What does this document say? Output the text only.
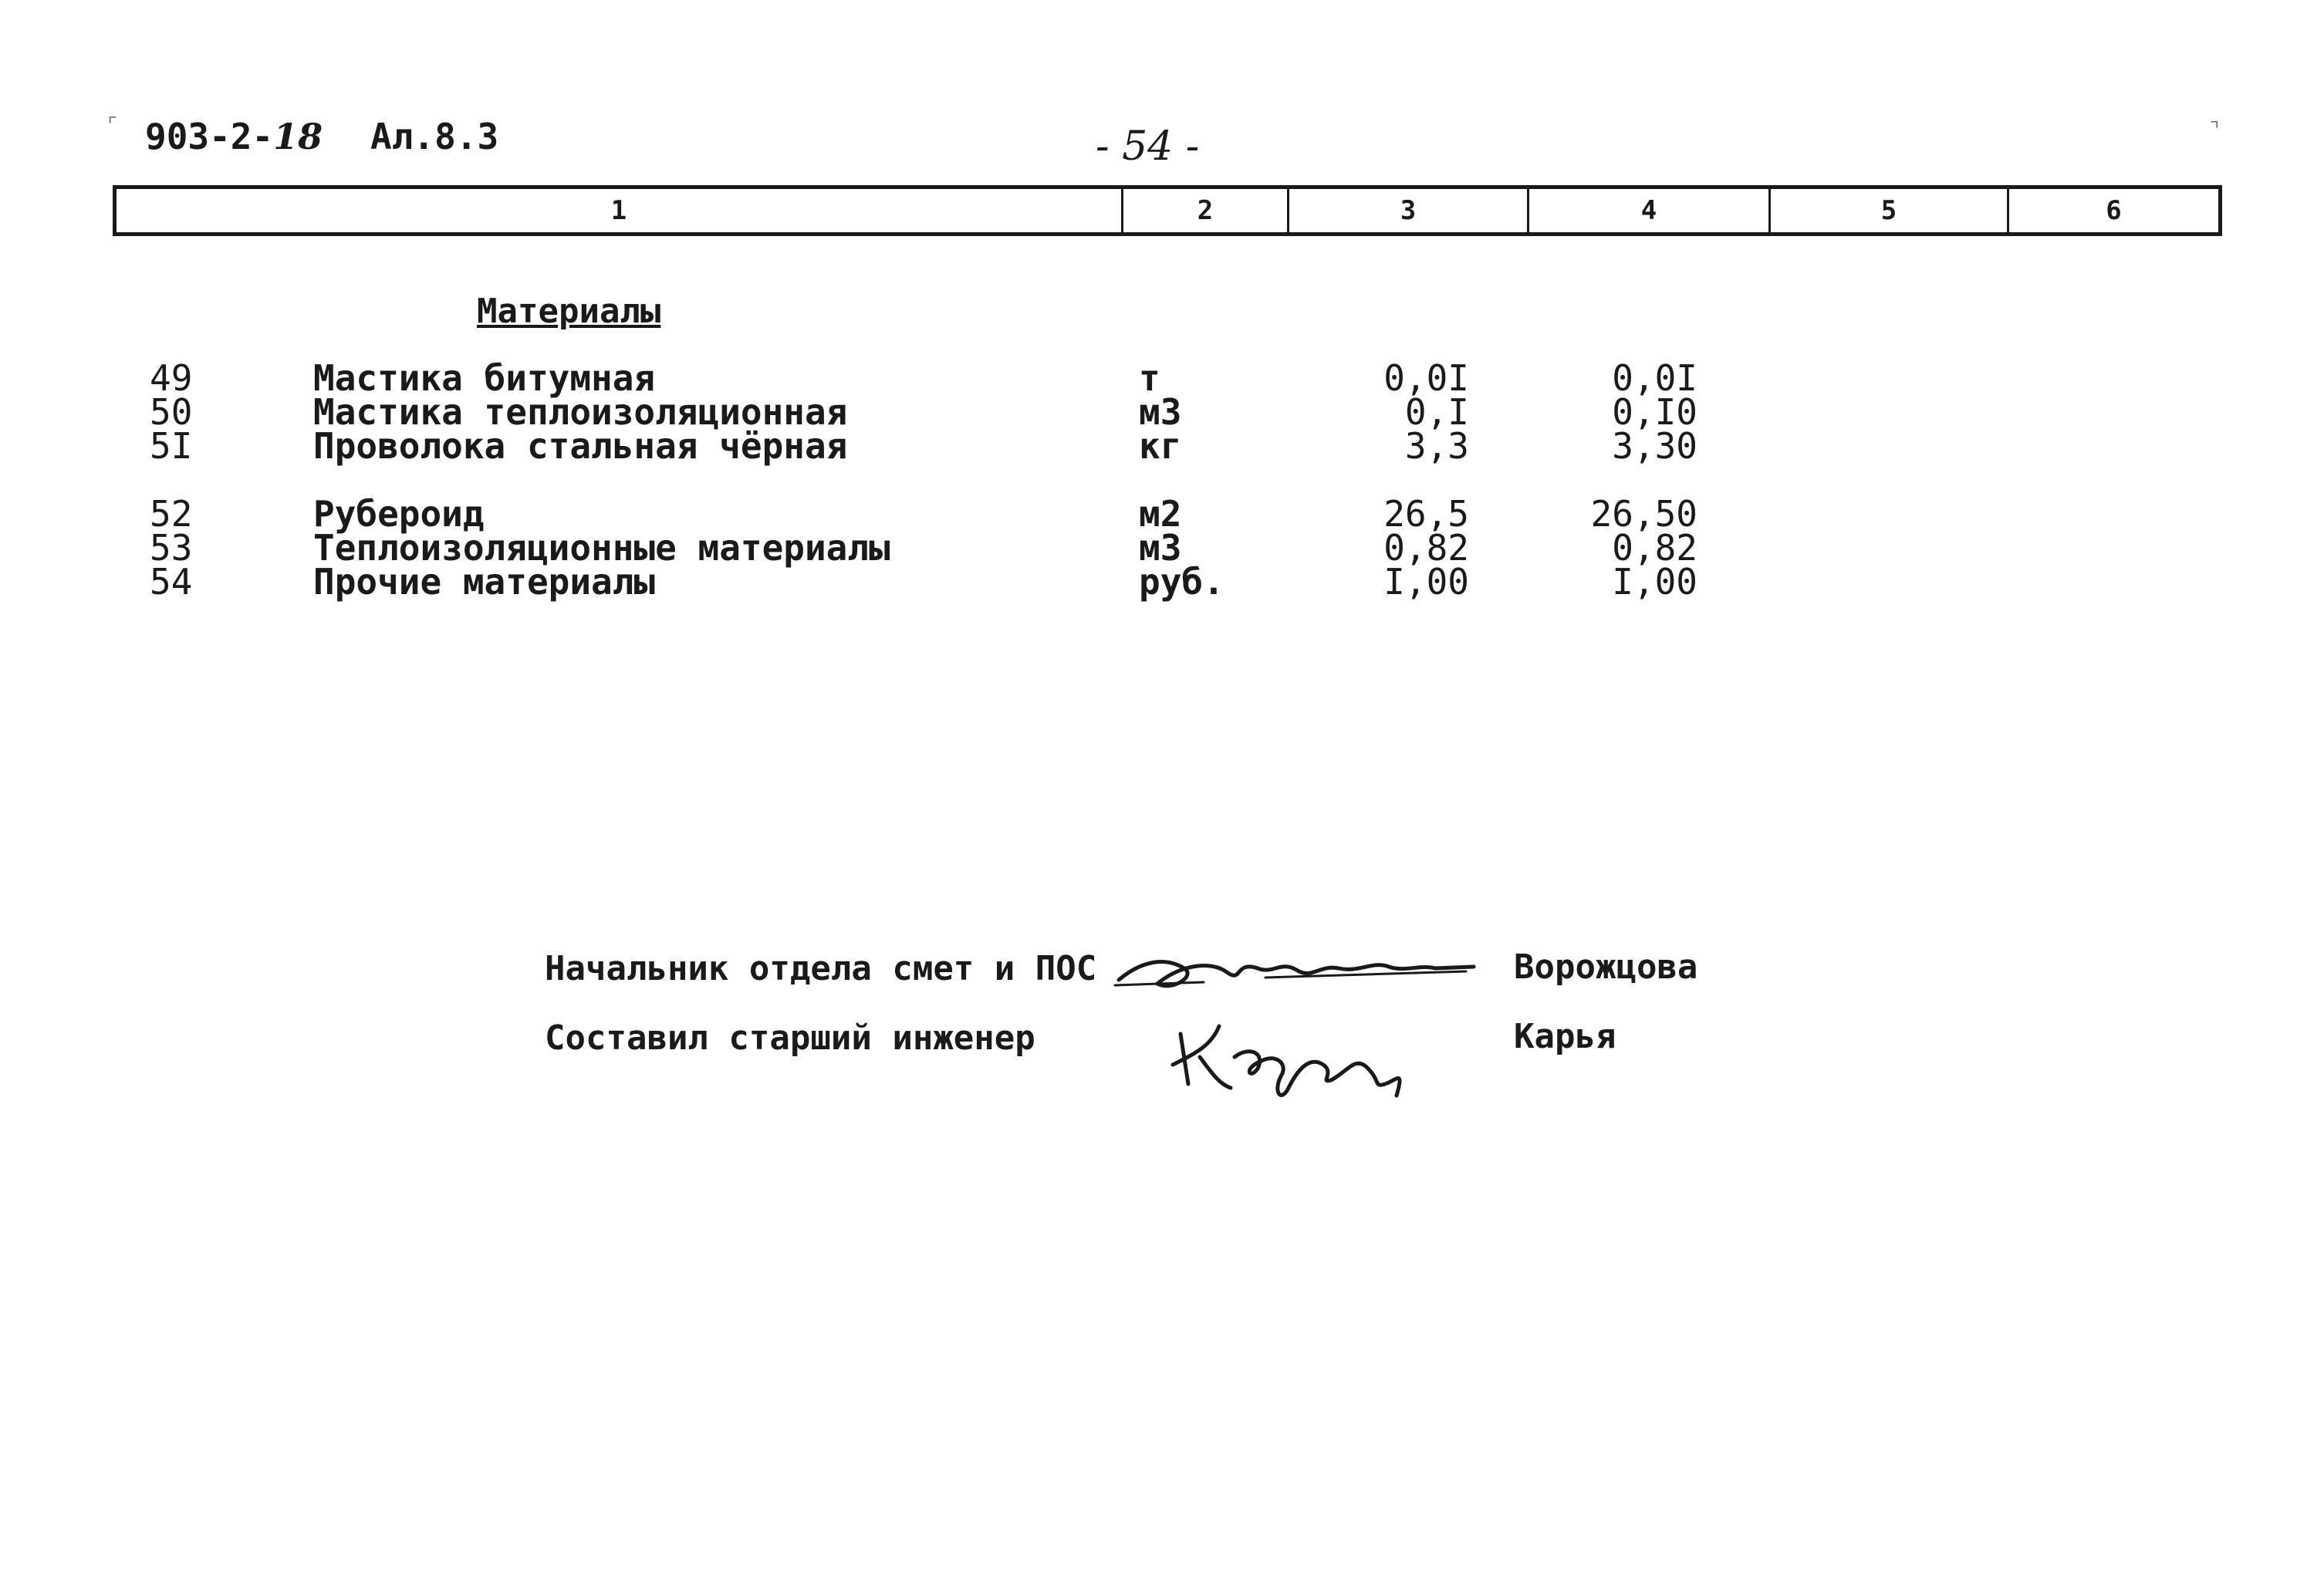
⌜	⌝
903-2-18 Ал.8.3	- 54 -
1	2	3	4	5	6
Материалы
49	Мастика битумная	т	0,0I	0,0I
50	Мастика теплоизоляционная	м3	0,I	0,I0
5I	Проволока стальная чёрная	кг	3,3	3,30
52	Рубероид	м2	26,5	26,50
53	Теплоизоляционные материалы	м3	0,82	0,82
54	Прочие материалы	руб.	I,00	I,00
Начальник отдела смет и ПОС	Ворожцова
Составил старший инженер	Карья
